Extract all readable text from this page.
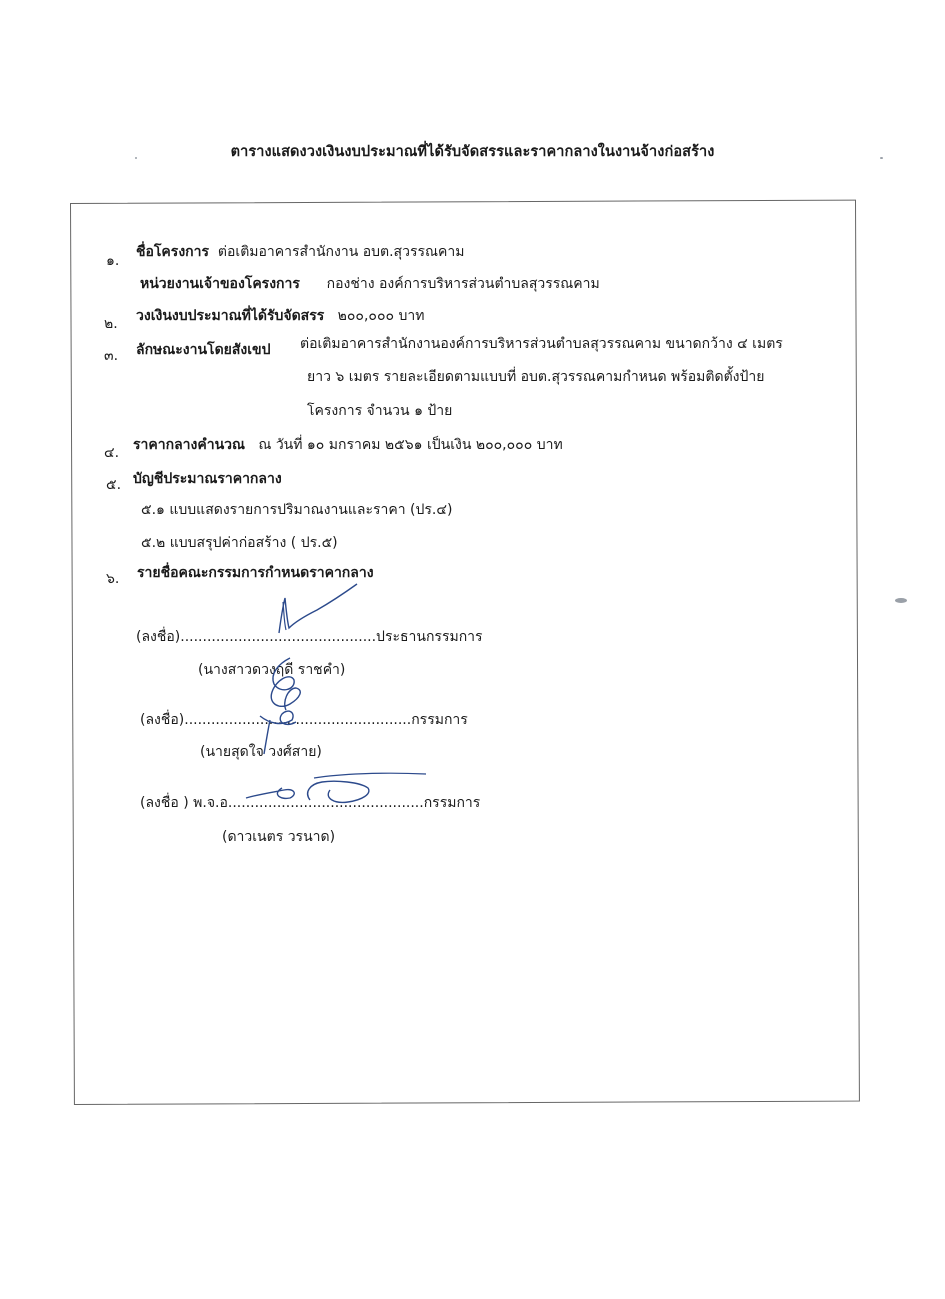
ตารางแสดงวงเงินงบประมาณที่ได้รับจัดสรรและราคากลางในงานจ้างก่อสร้าง
๑.
ชื่อโครงการ ต่อเติมอาคารสำนักงาน อบต.สุวรรณคาม
หน่วยงานเจ้าของโครงการ กองช่าง องค์การบริหารส่วนตำบลสุวรรณคาม
๒. วงเงินงบประมาณที่ได้รับจัดสรร ๒๐๐,๐๐๐ บาท
๓. ลักษณะงานโดยสังเขป ต่อเติมอาคารสำนักงานองค์การบริหารส่วนตำบลสุวรรณคาม ขนาดกว้าง ๔ เมตร
ยาว ๖ เมตร รายละเอียดตามแบบที่ อบต.สุวรรณคามกำหนด พร้อมติดตั้งป้าย
โครงการ จำนวน ๑ ป้าย
๔. ราคากลางคำนวณ ณ วันที่ ๑๐ มกราคม ๒๕๖๑ เป็นเงิน ๒๐๐,๐๐๐ บาท
๕. บัญชีประมาณราคากลาง
๕.๑ แบบแสดงรายการปริมาณงานและราคา (ปร.๔)
๕.๒ แบบสรุปค่าก่อสร้าง ( ปร.๕)
๖. รายชื่อคณะกรรมการกำหนดราคากลาง
(ลงชื่อ)............................................ประธานกรรมการ
(นางสาวดวงฤดี ราชคำ)
(ลงชื่อ)...................................................กรรมการ
(นายสุดใจ วงศ์สาย)
(ลงชื่อ ) พ.จ.อ............................................กรรมการ
(ดาวเนตร วรนาด)
